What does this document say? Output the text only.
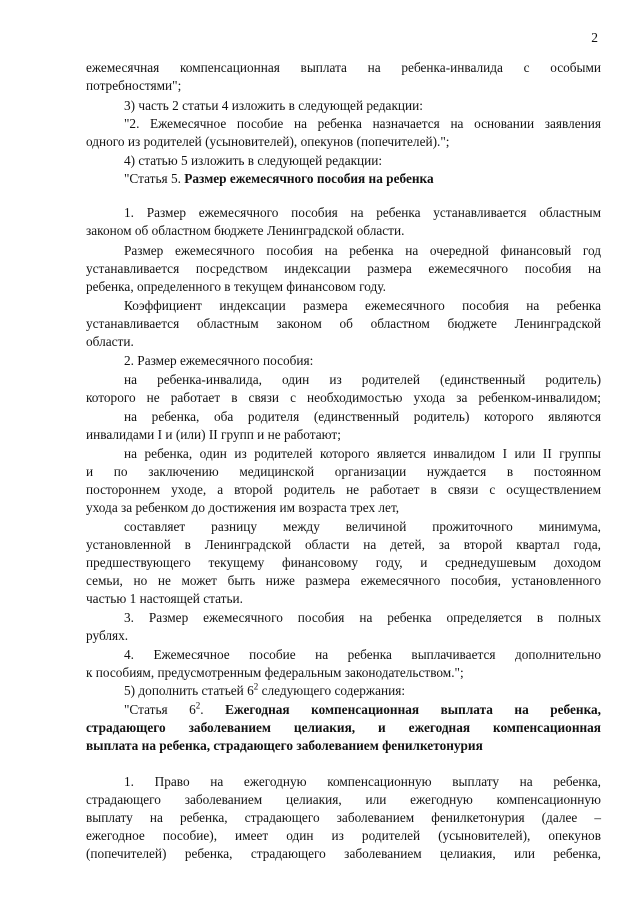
2
ежемесячная компенсационная выплата на ребенка-инвалида с особыми
потребностями";
3) часть 2 статьи 4 изложить в следующей редакции:
"2. Ежемесячное пособие на ребенка назначается на основании заявления
одного из родителей (усыновителей), опекунов (попечителей).";
4) статью 5 изложить в следующей редакции:
"Статья 5. Размер ежемесячного пособия на ребенка
1. Размер ежемесячного пособия на ребенка устанавливается областным
законом об областном бюджете Ленинградской области.
Размер ежемесячного пособия на ребенка на очередной финансовый год
устанавливается посредством индексации размера ежемесячного пособия на
ребенка, определенного в текущем финансовом году.
Коэффициент индексации размера ежемесячного пособия на ребенка
устанавливается областным законом об областном бюджете Ленинградской
области.
2. Размер ежемесячного пособия:
на ребенка-инвалида, один из родителей (единственный родитель)
которого не работает в связи с необходимостью ухода за ребенком-инвалидом;
на ребенка, оба родителя (единственный родитель) которого являются
инвалидами I и (или) II групп и не работают;
на ребенка, один из родителей которого является инвалидом I или II группы
и по заключению медицинской организации нуждается в постоянном
постороннем уходе, а второй родитель не работает в связи с осуществлением
ухода за ребенком до достижения им возраста трех лет,
составляет разницу между величиной прожиточного минимума,
установленной в Ленинградской области на детей, за второй квартал года,
предшествующего текущему финансовому году, и среднедушевым доходом
семьи, но не может быть ниже размера ежемесячного пособия, установленного
частью 1 настоящей статьи.
3. Размер ежемесячного пособия на ребенка определяется в полных
рублях.
4. Ежемесячное пособие на ребенка выплачивается дополнительно
к пособиям, предусмотренным федеральным законодательством.";
5) дополнить статьей $6^2$ следующего содержания:
"Статья $6^2$. Ежегодная компенсационная выплата на ребенка,
страдающего заболеванием целиакия, и ежегодная компенсационная
выплата на ребенка, страдающего заболеванием фенилкетонурия
1. Право на ежегодную компенсационную выплату на ребенка,
страдающего заболеванием целиакия, или ежегодную компенсационную
выплату на ребенка, страдающего заболеванием фенилкетонурия (далее –
ежегодное пособие), имеет один из родителей (усыновителей), опекунов
(попечителей) ребенка, страдающего заболеванием целиакия, или ребенка,
